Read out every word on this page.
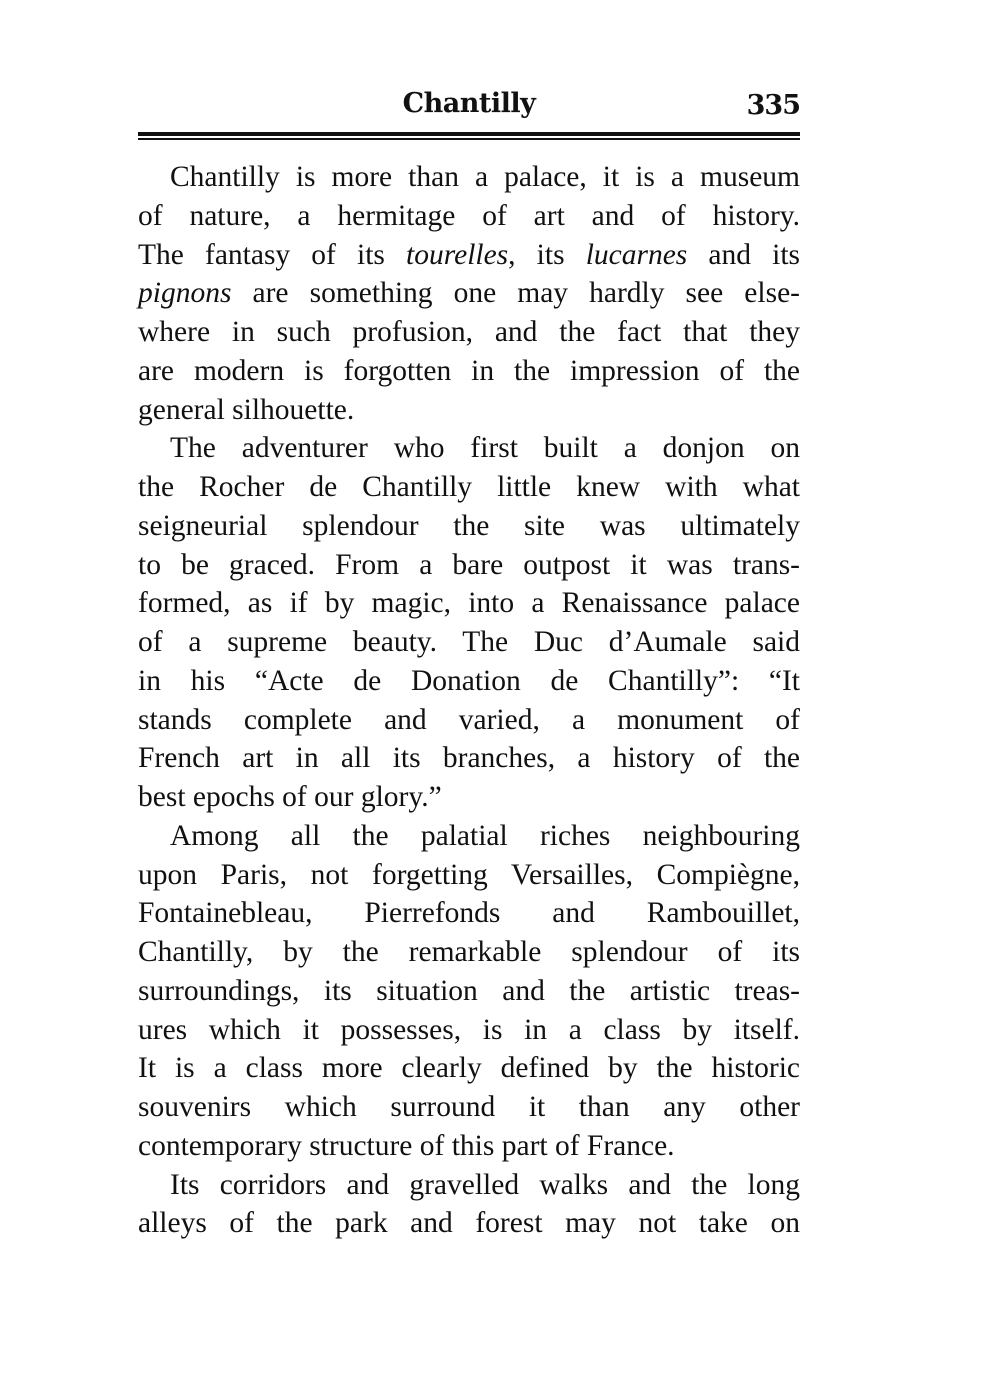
Chantilly	335
Chantilly is more than a palace, it is a museum
of nature, a hermitage of art and of history.
The fantasy of its tourelles, its lucarnes and its
pignons are something one may hardly see else-
where in such profusion, and the fact that they
are modern is forgotten in the impression of the
general silhouette.
The adventurer who first built a donjon on
the Rocher de Chantilly little knew with what
seigneurial splendour the site was ultimately
to be graced. From a bare outpost it was trans-
formed, as if by magic, into a Renaissance palace
of a supreme beauty. The Duc d’Aumale said
in his “Acte de Donation de Chantilly”: “It
stands complete and varied, a monument of
French art in all its branches, a history of the
best epochs of our glory.”
Among all the palatial riches neighbouring
upon Paris, not forgetting Versailles, Compiègne,
Fontainebleau, Pierrefonds and Rambouillet,
Chantilly, by the remarkable splendour of its
surroundings, its situation and the artistic treas-
ures which it possesses, is in a class by itself.
It is a class more clearly defined by the historic
souvenirs which surround it than any other
contemporary structure of this part of France.
Its corridors and gravelled walks and the long
alleys of the park and forest may not take on
